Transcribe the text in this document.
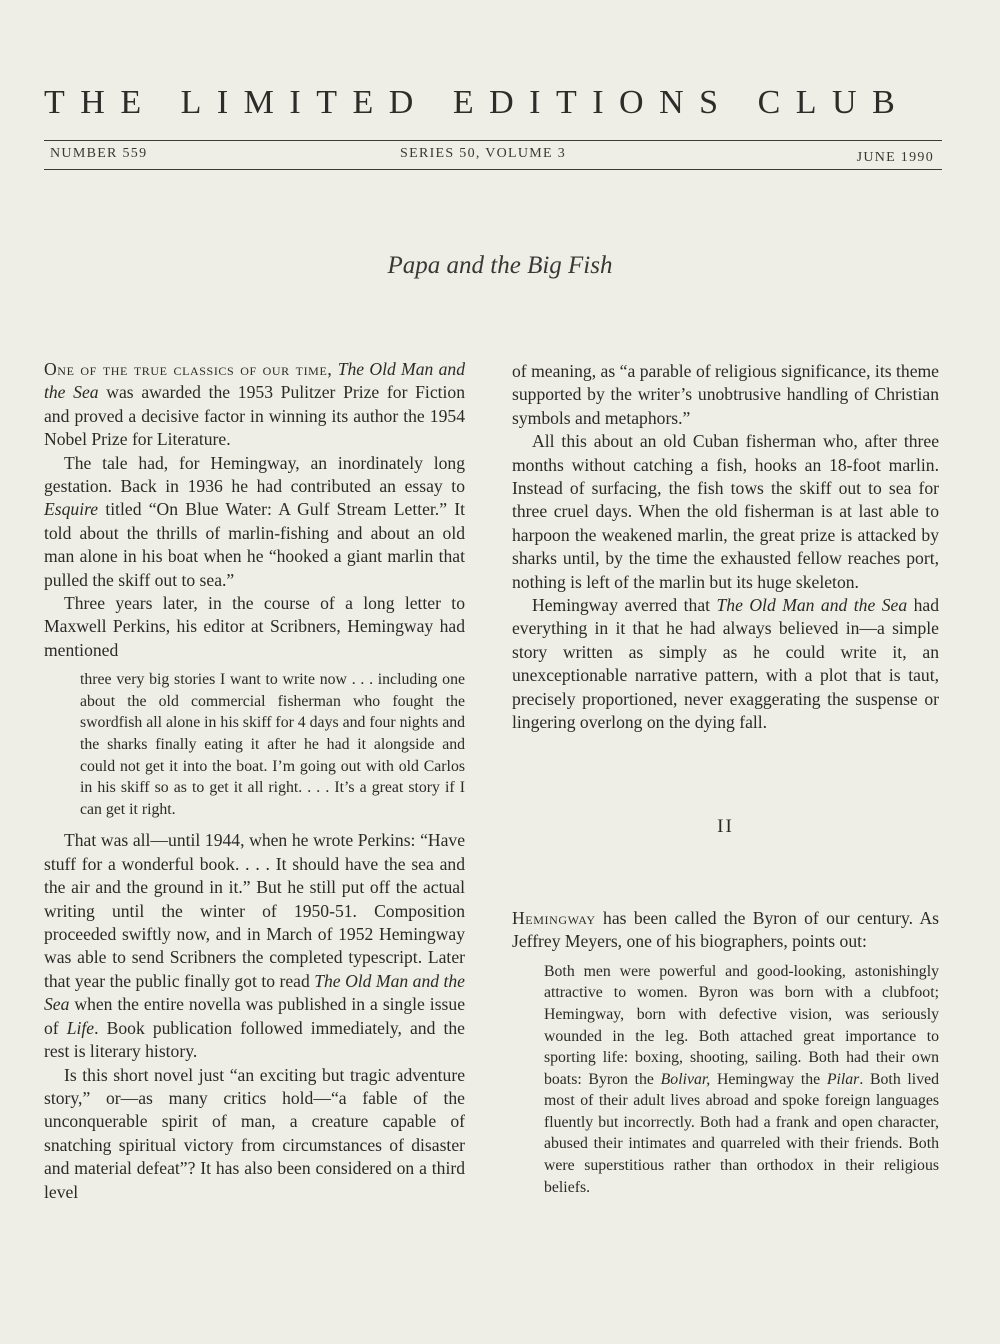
THE LIMITED EDITIONS CLUB
NUMBER 559	SERIES 50, VOLUME 3	JUNE 1990
Papa and the Big Fish

One of the true classics of our time, The Old Man and the Sea was awarded the 1953 Pulitzer Prize for Fiction and proved a decisive factor in winning its author the 1954 Nobel Prize for Literature.

The tale had, for Hemingway, an inordinately long gestation. Back in 1936 he had contributed an essay to Esquire titled “On Blue Water: A Gulf Stream Letter.” It told about the thrills of marlin-fishing and about an old man alone in his boat when he “hooked a giant marlin that pulled the skiff out to sea.”

Three years later, in the course of a long letter to Maxwell Perkins, his editor at Scribners, Hemingway had mentioned

three very big stories I want to write now . . . including one about the old commercial fisherman who fought the swordfish all alone in his skiff for 4 days and four nights and the sharks finally eating it after he had it alongside and could not get it into the boat. I’m going out with old Carlos in his skiff so as to get it all right. . . . It’s a great story if I can get it right.

That was all—until 1944, when he wrote Perkins: “Have stuff for a wonderful book. . . . It should have the sea and the air and the ground in it.” But he still put off the actual writing until the winter of 1950-51. Composition proceeded swiftly now, and in March of 1952 Hemingway was able to send Scribners the completed typescript. Later that year the public finally got to read The Old Man and the Sea when the entire novella was published in a single issue of Life. Book publication followed immediately, and the rest is literary history.

Is this short novel just “an exciting but tragic adventure story,” or—as many critics hold—“a fable of the unconquerable spirit of man, a creature capable of snatching spiritual victory from circumstances of disaster and material defeat”? It has also been considered on a third level

of meaning, as “a parable of religious significance, its theme supported by the writer’s unobtrusive handling of Christian symbols and metaphors.”

All this about an old Cuban fisherman who, after three months without catching a fish, hooks an 18-foot marlin. Instead of surfacing, the fish tows the skiff out to sea for three cruel days. When the old fisherman is at last able to harpoon the weakened marlin, the great prize is attacked by sharks until, by the time the exhausted fellow reaches port, nothing is left of the marlin but its huge skeleton.

Hemingway averred that The Old Man and the Sea had everything in it that he had always believed in—a simple story written as simply as he could write it, an unexceptionable narrative pattern, with a plot that is taut, precisely proportioned, never exaggerating the suspense or lingering overlong on the dying fall.

II

Hemingway has been called the Byron of our century. As Jeffrey Meyers, one of his biographers, points out:

Both men were powerful and good-looking, astonishingly attractive to women. Byron was born with a clubfoot; Hemingway, born with defective vision, was seriously wounded in the leg. Both attached great importance to sporting life: boxing, shooting, sailing. Both had their own boats: Byron the Bolivar, Hemingway the Pilar. Both lived most of their adult lives abroad and spoke foreign languages fluently but incorrectly. Both had a frank and open character, abused their intimates and quarreled with their friends. Both were superstitious rather than orthodox in their religious beliefs.
